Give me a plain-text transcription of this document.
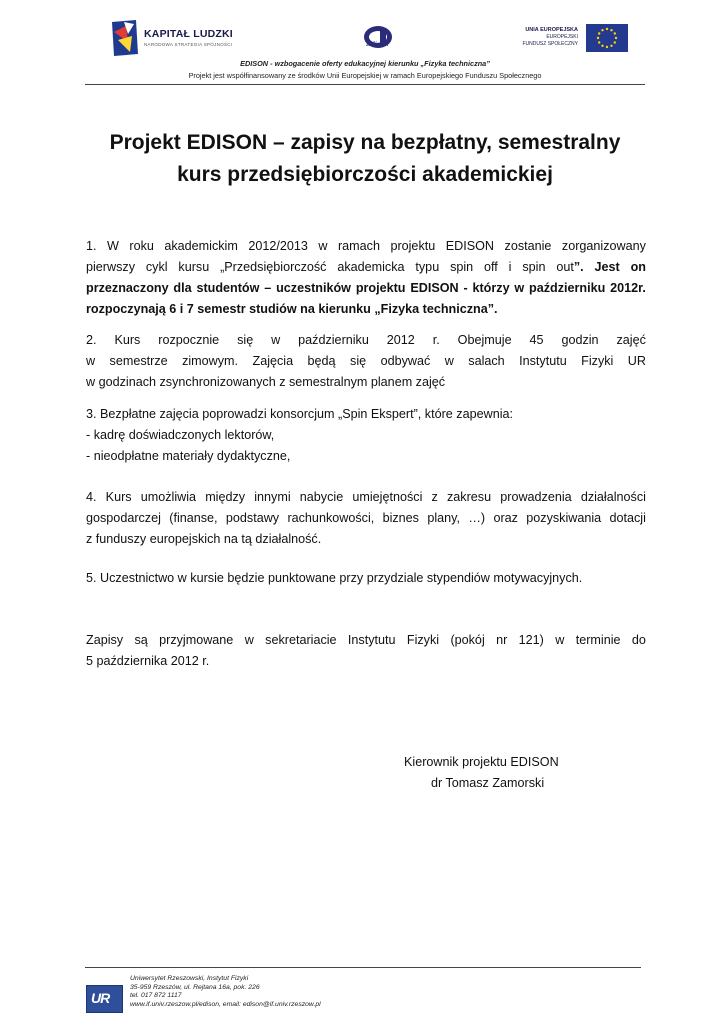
KAPITAŁ LUDZKI
NARODOWA STRATEGIA SPÓJNOŚCI	Edison
UNIA EUROPEJSKA
EUROPEJSKI
FUNDUSZ SPOŁECZNY
EDISON - wzbogacenie oferty edukacyjnej kierunku „Fizyka techniczna”
Projekt jest współfinansowany ze środków Unii Europejskiej w ramach Europejskiego Funduszu Społecznego
Projekt EDISON – zapisy na bezpłatny, semestralny
kurs przedsiębiorczości akademickiej
1. W roku akademickim 2012/2013 w ramach projektu EDISON zostanie zorganizowany
pierwszy cykl kursu „Przedsiębiorczość akademicka typu spin off i spin out”. Jest on
przeznaczony dla studentów – uczestników projektu EDISON - którzy w październiku 2012r.
rozpoczynają 6 i 7 semestr studiów na kierunku „Fizyka techniczna”.
2. Kurs rozpocznie się w październiku 2012 r. Obejmuje 45 godzin zajęć
w semestrze zimowym. Zajęcia będą się odbywać w salach Instytutu Fizyki UR
w godzinach zsynchronizowanych z semestralnym planem zajęć
3. Bezpłatne zajęcia poprowadzi konsorcjum „Spin Ekspert”, które zapewnia:
- kadrę doświadczonych lektorów,
- nieodpłatne materiały dydaktyczne,
4. Kurs umożliwia między innymi nabycie umiejętności z zakresu prowadzenia działalności
gospodarczej (finanse, podstawy rachunkowości, biznes plany, …) oraz pozyskiwania dotacji
z funduszy europejskich na tą działalność.
5. Uczestnictwo w kursie będzie punktowane przy przydziale stypendiów motywacyjnych.
Zapisy są przyjmowane w sekretariacie Instytutu Fizyki (pokój nr 121) w terminie do
5 października 2012 r.
Kierownik projektu EDISON
dr Tomasz Zamorski
UR
Uniwersytet Rzeszowski, Instytut Fizyki
35-959 Rzeszów, ul. Rejtana 16a, pok. 226
tel. 017 872 1117
www.if.univ.rzeszow.pl/edison, email: edison@if.univ.rzeszow.pl
